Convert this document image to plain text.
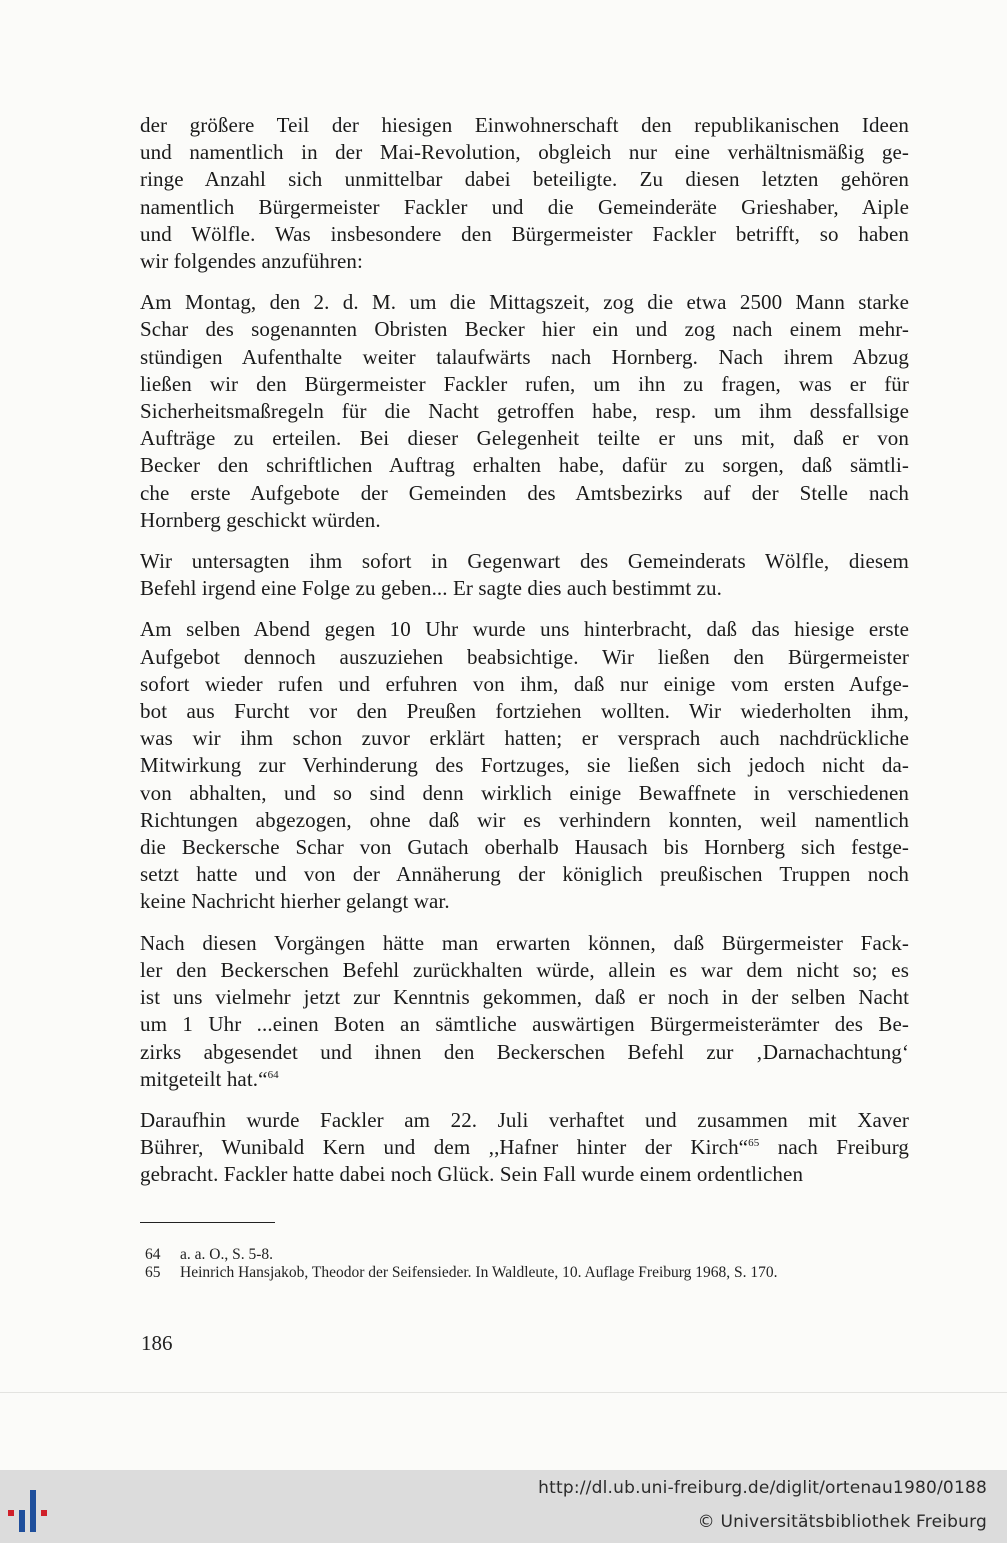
der größere Teil der hiesigen Einwohnerschaft den republikanischen Ideen
und namentlich in der Mai-Revolution, obgleich nur eine verhältnismäßig ge-
ringe Anzahl sich unmittelbar dabei beteiligte. Zu diesen letzten gehören
namentlich Bürgermeister Fackler und die Gemeinderäte Grieshaber, Aiple
und Wölfle. Was insbesondere den Bürgermeister Fackler betrifft, so haben
wir folgendes anzuführen:

Am Montag, den 2. d. M. um die Mittagszeit, zog die etwa 2500 Mann starke
Schar des sogenannten Obristen Becker hier ein und zog nach einem mehr-
stündigen Aufenthalte weiter talaufwärts nach Hornberg. Nach ihrem Abzug
ließen wir den Bürgermeister Fackler rufen, um ihn zu fragen, was er für
Sicherheitsmaßregeln für die Nacht getroffen habe, resp. um ihm dessfallsige
Aufträge zu erteilen. Bei dieser Gelegenheit teilte er uns mit, daß er von
Becker den schriftlichen Auftrag erhalten habe, dafür zu sorgen, daß sämtli-
che erste Aufgebote der Gemeinden des Amtsbezirks auf der Stelle nach
Hornberg geschickt würden.

Wir untersagten ihm sofort in Gegenwart des Gemeinderats Wölfle, diesem
Befehl irgend eine Folge zu geben... Er sagte dies auch bestimmt zu.

Am selben Abend gegen 10 Uhr wurde uns hinterbracht, daß das hiesige erste
Aufgebot dennoch auszuziehen beabsichtige. Wir ließen den Bürgermeister
sofort wieder rufen und erfuhren von ihm, daß nur einige vom ersten Aufge-
bot aus Furcht vor den Preußen fortziehen wollten. Wir wiederholten ihm,
was wir ihm schon zuvor erklärt hatten; er versprach auch nachdrückliche
Mitwirkung zur Verhinderung des Fortzuges, sie ließen sich jedoch nicht da-
von abhalten, und so sind denn wirklich einige Bewaffnete in verschiedenen
Richtungen abgezogen, ohne daß wir es verhindern konnten, weil namentlich
die Beckersche Schar von Gutach oberhalb Hausach bis Hornberg sich festge-
setzt hatte und von der Annäherung der königlich preußischen Truppen noch
keine Nachricht hierher gelangt war.

Nach diesen Vorgängen hätte man erwarten können, daß Bürgermeister Fack-
ler den Beckerschen Befehl zurückhalten würde, allein es war dem nicht so; es
ist uns vielmehr jetzt zur Kenntnis gekommen, daß er noch in der selben Nacht
um 1 Uhr ...einen Boten an sämtliche auswärtigen Bürgermeisterämter des Be-
zirks abgesendet und ihnen den Beckerschen Befehl zur ‚Darnachachtung‘
mitgeteilt hat.“$^{64}$

Daraufhin wurde Fackler am 22. Juli verhaftet und zusammen mit Xaver
Bührer, Wunibald Kern und dem ,,Hafner hinter der Kirch“$^{65}$ nach Freiburg
gebracht. Fackler hatte dabei noch Glück. Sein Fall wurde einem ordentlichen

64	a. a. O., S. 5-8.
65	Heinrich Hansjakob, Theodor der Seifensieder. In Waldleute, 10. Auflage Freiburg 1968, S. 170.
186
http://dl.ub.uni-freiburg.de/diglit/ortenau1980/0188
© Universitätsbibliothek Freiburg
